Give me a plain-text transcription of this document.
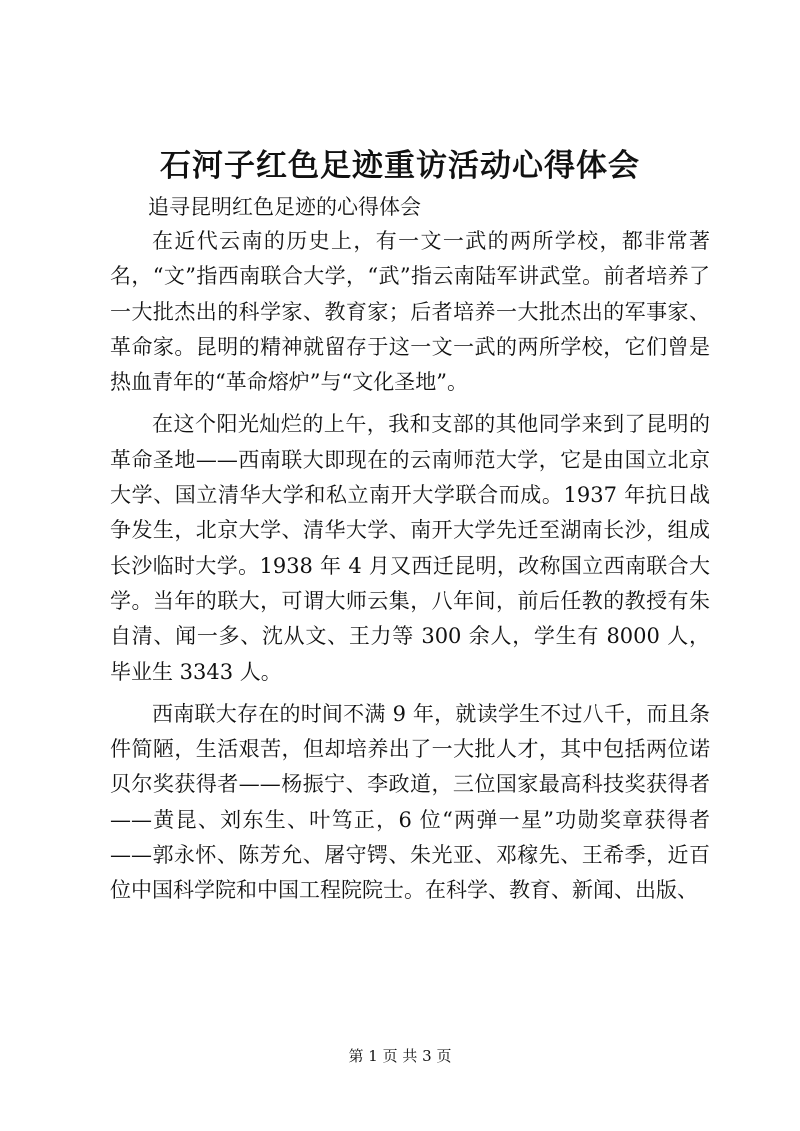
石河子红色足迹重访活动心得体会

追寻昆明红色足迹的心得体会

在近代云南的历史上，有一文一武的两所学校，都非常著名，“文”指西南联合大学，“武”指云南陆军讲武堂。前者培养了一大批杰出的科学家、教育家；后者培养一大批杰出的军事家、革命家。昆明的精神就留存于这一文一武的两所学校，它们曾是热血青年的“革命熔炉”与“文化圣地”。

在这个阳光灿烂的上午，我和支部的其他同学来到了昆明的革命圣地——西南联大即现在的云南师范大学，它是由国立北京大学、国立清华大学和私立南开大学联合而成。1937 年抗日战争发生，北京大学、清华大学、南开大学先迁至湖南长沙，组成长沙临时大学。1938 年 4 月又西迁昆明，改称国立西南联合大学。当年的联大，可谓大师云集，八年间，前后任教的教授有朱自清、闻一多、沈从文、王力等 300 余人，学生有 8000 人，毕业生 3343 人。

西南联大存在的时间不满 9 年，就读学生不过八千，而且条件简陋，生活艰苦，但却培养出了一大批人才，其中包括两位诺贝尔奖获得者——杨振宁、李政道，三位国家最高科技奖获得者——黄昆、刘东生、叶笃正，6 位“两弹一星”功勋奖章获得者——郭永怀、陈芳允、屠守锷、朱光亚、邓稼先、王希季，近百位中国科学院和中国工程院院士。在科学、教育、新闻、出版、

第 1 页 共 3 页
